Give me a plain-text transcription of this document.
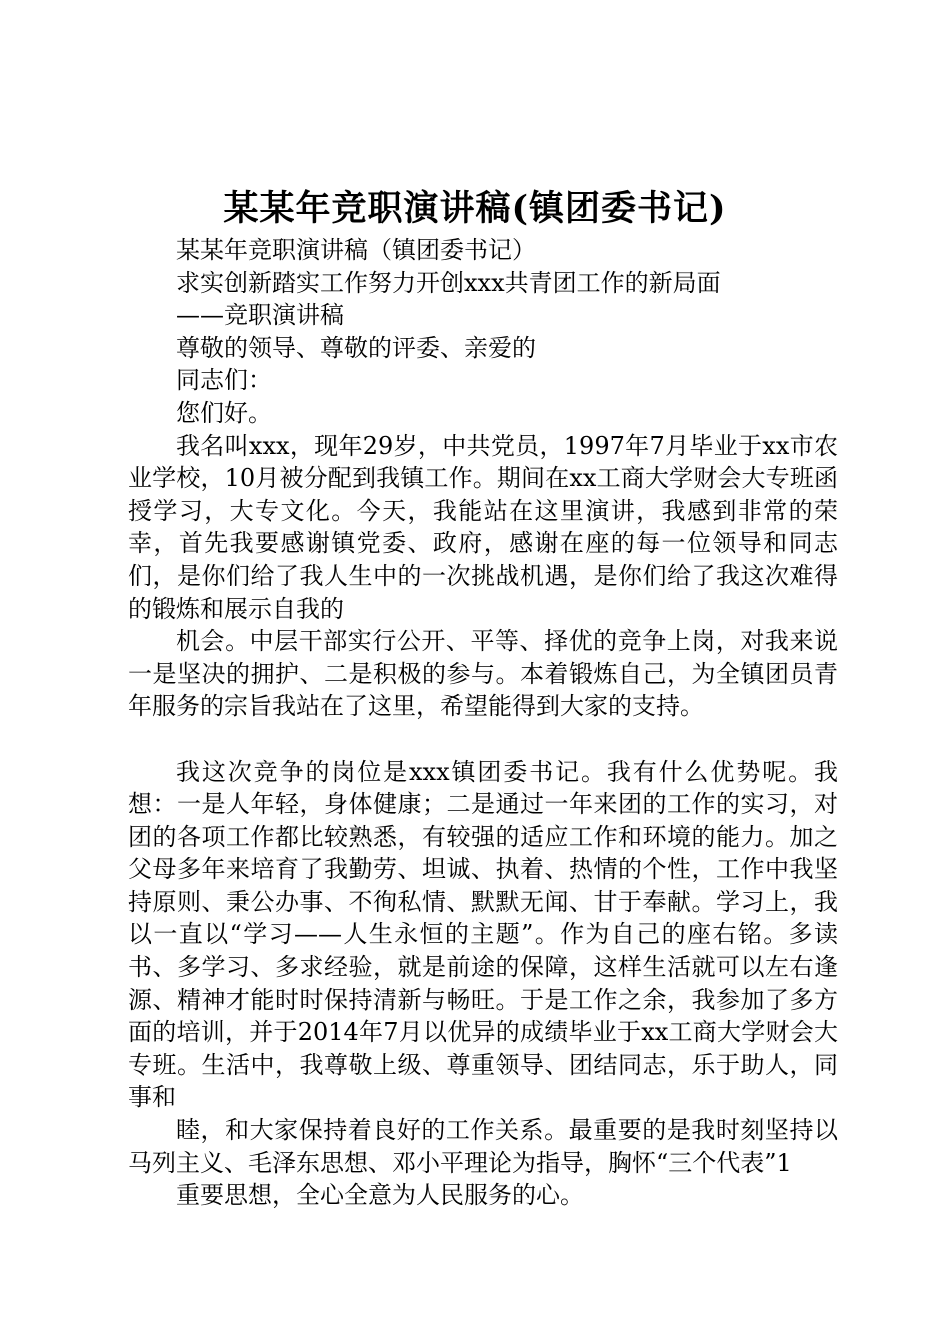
某某年竞职演讲稿(镇团委书记)

某某年竞职演讲稿（镇团委书记）

求实创新踏实工作努力开创xxx共青团工作的新局面

——竞职演讲稿

尊敬的领导、尊敬的评委、亲爱的

同志们：

您们好。

我名叫xxx，现年29岁，中共党员，1997年7月毕业于xx市农业学校，10月被分配到我镇工作。期间在xx工商大学财会大专班函授学习，大专文化。今天，我能站在这里演讲，我感到非常的荣幸，首先我要感谢镇党委、政府，感谢在座的每一位领导和同志们，是你们给了我人生中的一次挑战机遇，是你们给了我这次难得的锻炼和展示自我的

机会。中层干部实行公开、平等、择优的竞争上岗，对我来说一是坚决的拥护、二是积极的参与。本着锻炼自己，为全镇团员青年服务的宗旨我站在了这里，希望能得到大家的支持。

我这次竞争的岗位是xxx镇团委书记。我有什么优势呢。我想：一是人年轻，身体健康；二是通过一年来团的工作的实习，对团的各项工作都比较熟悉，有较强的适应工作和环境的能力。加之父母多年来培育了我勤劳、坦诚、执着、热情的个性，工作中我坚持原则、秉公办事、不徇私情、默默无闻、甘于奉献。学习上，我以一直以“学习——人生永恒的主题”。作为自己的座右铭。多读书、多学习、多求经验，就是前途的保障，这样生活就可以左右逢源、精神才能时时保持清新与畅旺。于是工作之余，我参加了多方面的培训，并于2014年7月以优异的成绩毕业于xx工商大学财会大专班。生活中，我尊敬上级、尊重领导、团结同志，乐于助人，同事和

睦，和大家保持着良好的工作关系。最重要的是我时刻坚持以马列主义、毛泽东思想、邓小平理论为指导，胸怀“三个代表”1

重要思想，全心全意为人民服务的心。
